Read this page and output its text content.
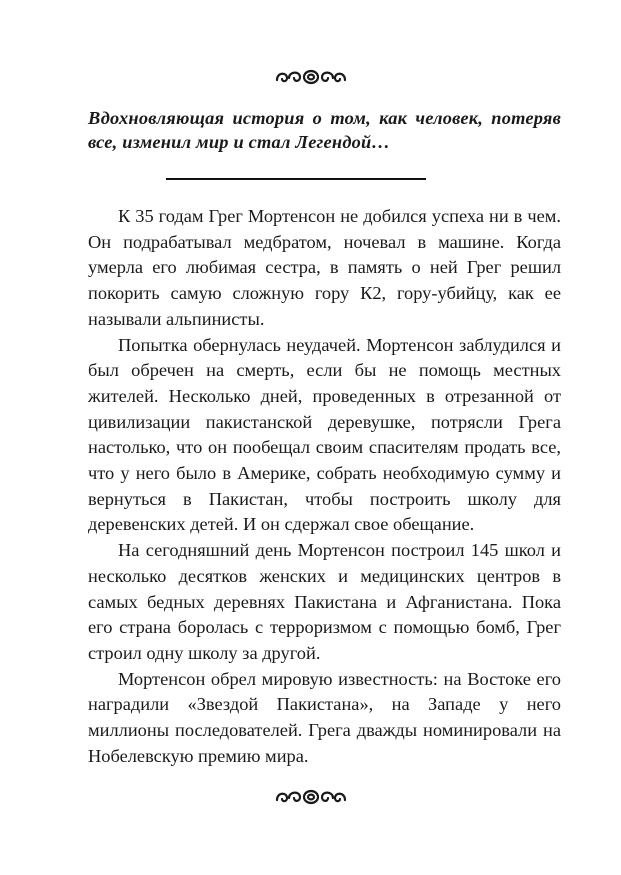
Вдохновляющая история о том, как человек, потеряв все, изменил мир и стал Легендой…

К 35 годам Грег Мортенсон не добился успеха ни в чем. Он подрабатывал медбратом, ночевал в машине. Когда умерла его любимая сестра, в память о ней Грег решил покорить самую сложную гору К2, гору-убийцу, как ее называли альпинисты.

Попытка обернулась неудачей. Мортенсон заблудился и был обречен на смерть, если бы не помощь местных жителей. Несколько дней, проведенных в отрезанной от цивилизации пакистанской деревушке, потрясли Грега настолько, что он пообещал своим спасителям продать все, что у него было в Америке, собрать необходимую сумму и вернуться в Пакистан, чтобы построить школу для деревенских детей. И он сдержал свое обещание.

На сегодняшний день Мортенсон построил 145 школ и несколько десятков женских и медицинских центров в самых бедных деревнях Пакистана и Афганистана. Пока его страна боролась с терроризмом с помощью бомб, Грег строил одну школу за другой.

Мортенсон обрел мировую известность: на Востоке его наградили «Звездой Пакистана», на Западе у него миллионы последователей. Грега дважды номинировали на Нобелевскую премию мира.
